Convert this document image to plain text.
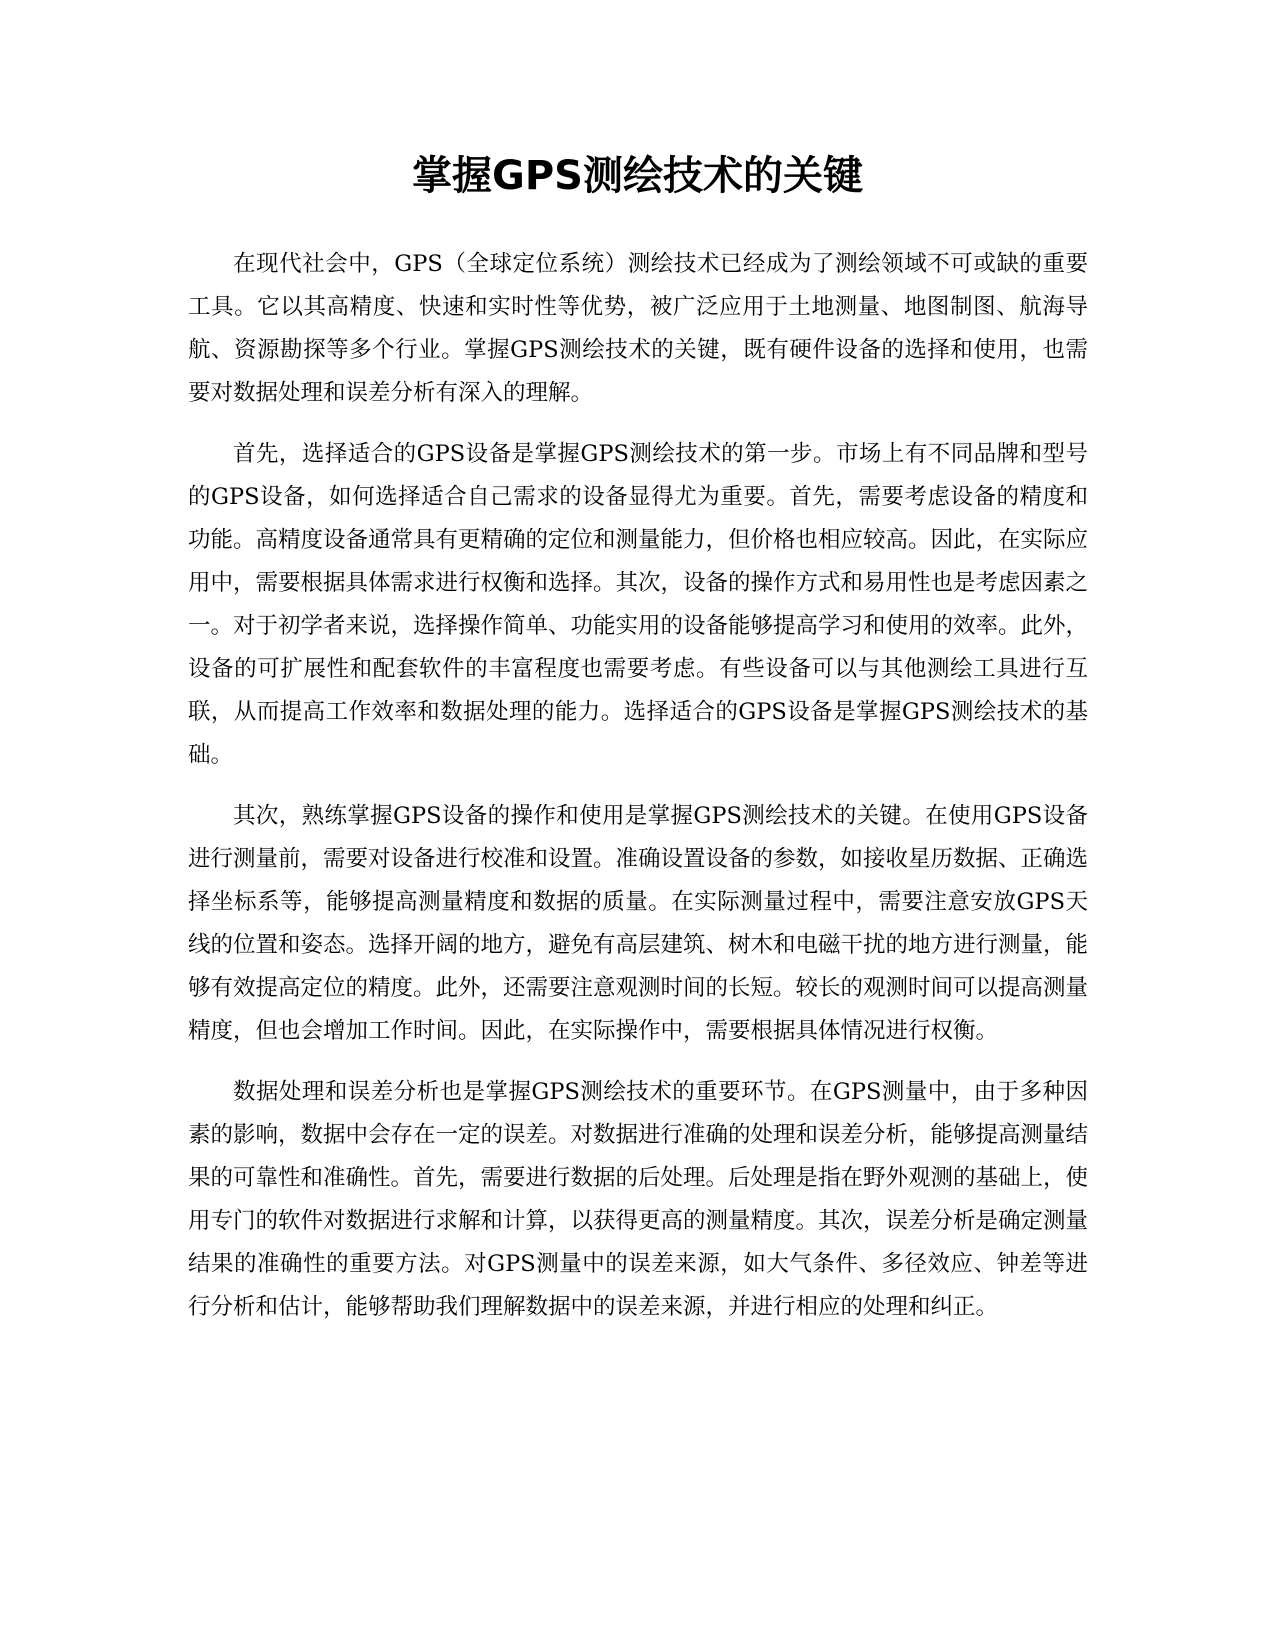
掌握GPS测绘技术的关键

在现代社会中，GPS（全球定位系统）测绘技术已经成为了测绘领域不可或缺的重要工具。它以其高精度、快速和实时性等优势，被广泛应用于土地测量、地图制图、航海导航、资源勘探等多个行业。掌握GPS测绘技术的关键，既有硬件设备的选择和使用，也需要对数据处理和误差分析有深入的理解。

首先，选择适合的GPS设备是掌握GPS测绘技术的第一步。市场上有不同品牌和型号的GPS设备，如何选择适合自己需求的设备显得尤为重要。首先，需要考虑设备的精度和功能。高精度设备通常具有更精确的定位和测量能力，但价格也相应较高。因此，在实际应用中，需要根据具体需求进行权衡和选择。其次，设备的操作方式和易用性也是考虑因素之一。对于初学者来说，选择操作简单、功能实用的设备能够提高学习和使用的效率。此外，设备的可扩展性和配套软件的丰富程度也需要考虑。有些设备可以与其他测绘工具进行互联，从而提高工作效率和数据处理的能力。选择适合的GPS设备是掌握GPS测绘技术的基础。

其次，熟练掌握GPS设备的操作和使用是掌握GPS测绘技术的关键。在使用GPS设备进行测量前，需要对设备进行校准和设置。准确设置设备的参数，如接收星历数据、正确选择坐标系等，能够提高测量精度和数据的质量。在实际测量过程中，需要注意安放GPS天线的位置和姿态。选择开阔的地方，避免有高层建筑、树木和电磁干扰的地方进行测量，能够有效提高定位的精度。此外，还需要注意观测时间的长短。较长的观测时间可以提高测量精度，但也会增加工作时间。因此，在实际操作中，需要根据具体情况进行权衡。

数据处理和误差分析也是掌握GPS测绘技术的重要环节。在GPS测量中，由于多种因素的影响，数据中会存在一定的误差。对数据进行准确的处理和误差分析，能够提高测量结果的可靠性和准确性。首先，需要进行数据的后处理。后处理是指在野外观测的基础上，使用专门的软件对数据进行求解和计算，以获得更高的测量精度。其次，误差分析是确定测量结果的准确性的重要方法。对GPS测量中的误差来源，如大气条件、多径效应、钟差等进行分析和估计，能够帮助我们理解数据中的误差来源，并进行相应的处理和纠正。
